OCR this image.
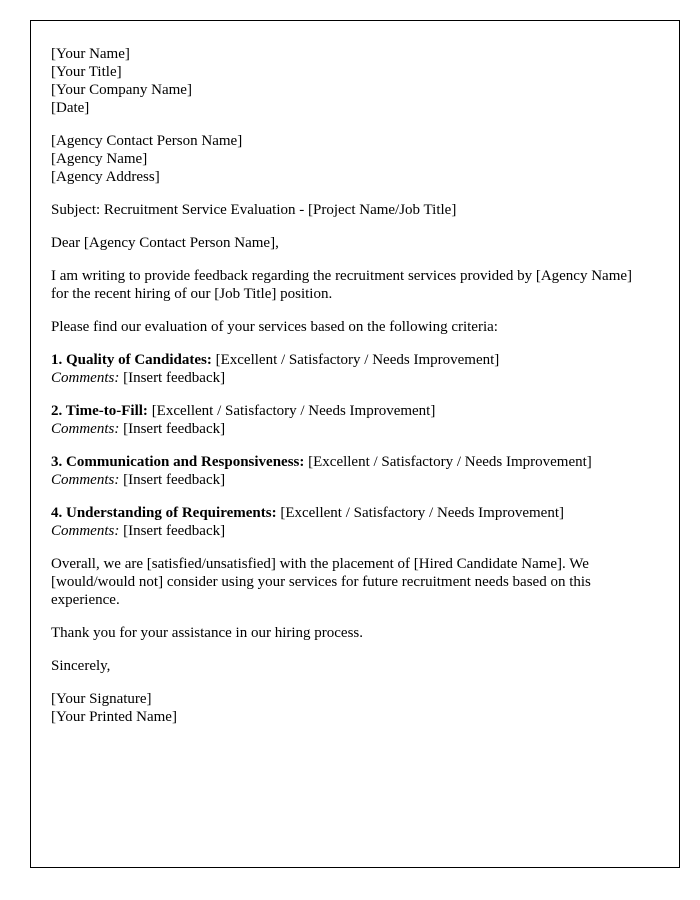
[Your Name]
[Your Title]
[Your Company Name]
[Date]
[Agency Contact Person Name]
[Agency Name]
[Agency Address]

Subject: Recruitment Service Evaluation - [Project Name/Job Title]

Dear [Agency Contact Person Name],

I am writing to provide feedback regarding the recruitment services provided by [Agency Name] for the recent hiring of our [Job Title] position.

Please find our evaluation of your services based on the following criteria:

1. Quality of Candidates: [Excellent / Satisfactory / Needs Improvement]
Comments: [Insert feedback]

2. Time-to-Fill: [Excellent / Satisfactory / Needs Improvement]
Comments: [Insert feedback]

3. Communication and Responsiveness: [Excellent / Satisfactory / Needs Improvement]
Comments: [Insert feedback]

4. Understanding of Requirements: [Excellent / Satisfactory / Needs Improvement]
Comments: [Insert feedback]

Overall, we are [satisfied/unsatisfied] with the placement of [Hired Candidate Name]. We [would/would not] consider using your services for future recruitment needs based on this experience.

Thank you for your assistance in our hiring process.

Sincerely,

[Your Signature]
[Your Printed Name]
